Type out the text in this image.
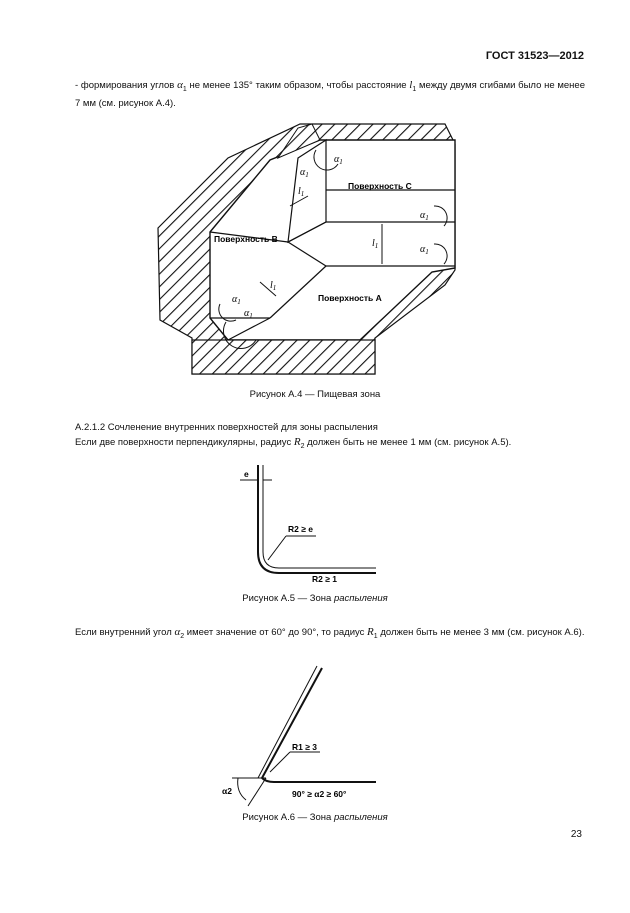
ГОСТ 31523—2012
- формирования углов $\alpha_1$ не менее 135° таким образом, чтобы расстояние $l_1$ между двумя сгибами было не менее 7 мм (см. рисунок А.4).
Поверхность С
Поверхность B
Поверхность А
$\alpha_1$
$\alpha_1$
$\alpha_1$
$\alpha_1$
$\alpha_1$
$\alpha_1$
$l_1$
$l_1$
$l_1$
Рисунок А.4 — Пищевая зона
А.2.1.2 Сочленение внутренних поверхностей для зоны распыления
Если две поверхности перпендикулярны, радиус $R_2$ должен быть не менее 1 мм (см. рисунок А.5).
e
R2 ≥ e
R2 ≥ 1
Рисунок А.5 — Зона распыления
Если внутренний угол $\alpha_2$ имеет значение от 60° до 90°, то радиус $R_1$ должен быть не менее 3 мм (см. рисунок А.6).
R1 ≥ 3
α2	90° ≥ α2 ≥ 60°
Рисунок А.6 — Зона распыления
23
